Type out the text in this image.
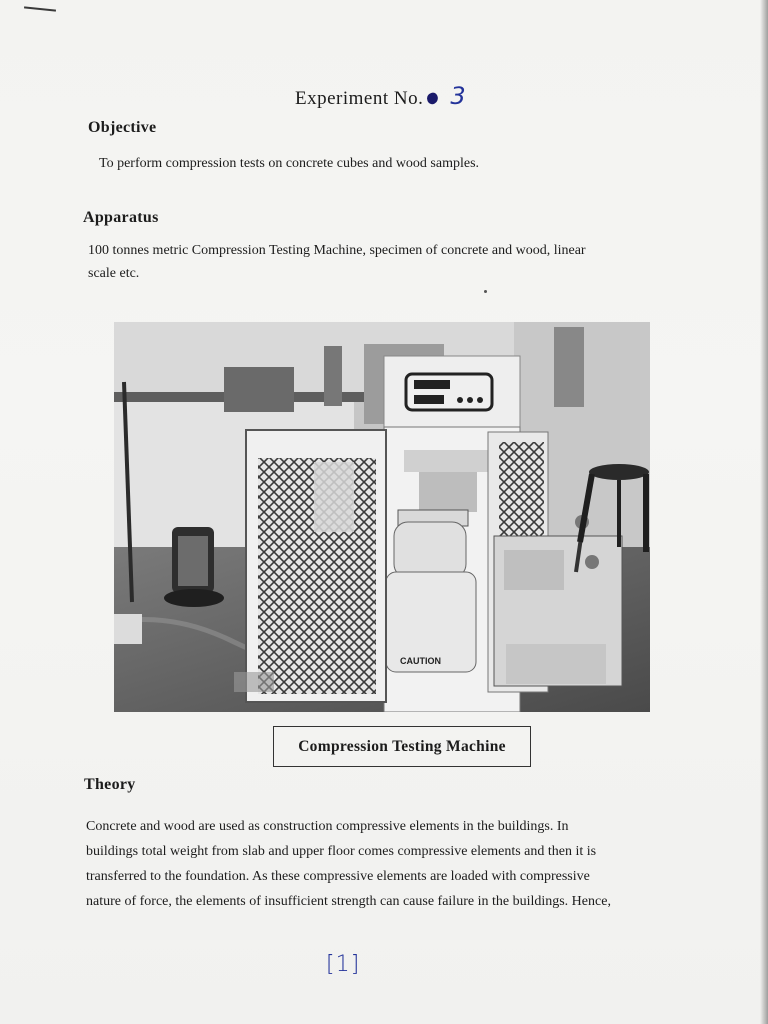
Experiment No. 3
Objective
To perform compression tests on concrete cubes and wood samples.
Apparatus
100 tonnes metric Compression Testing Machine, specimen of concrete and wood, linear
scale etc.
CAUTION
Compression Testing Machine
Theory
Concrete and wood are used as construction compressive elements in the buildings. In
buildings total weight from slab and upper floor comes compressive elements and then it is
transferred to the foundation. As these compressive elements are loaded with compressive
nature of force, the elements of insufficient strength can cause failure in the buildings. Hence,
[1]
